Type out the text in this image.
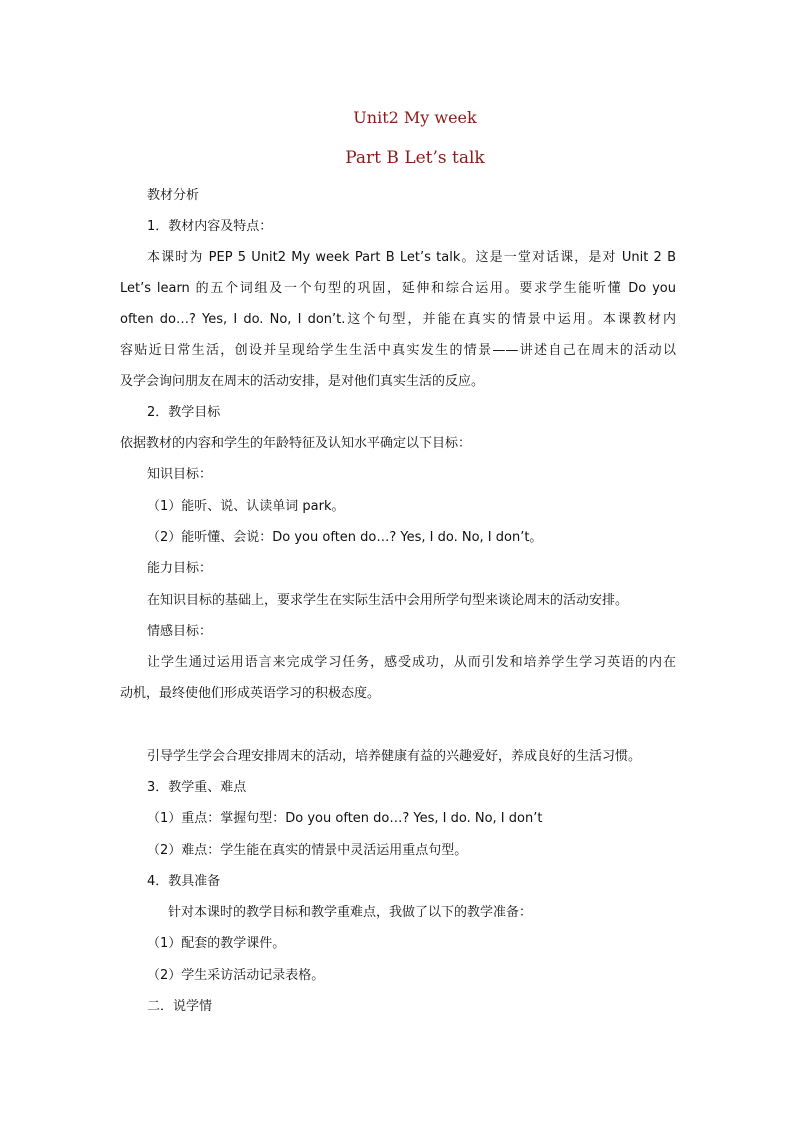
Unit2 My week
Part B Let’s talk
教材分析
1．教材内容及特点：
本课时为 PEP 5 Unit2 My week Part B Let’s talk。这是一堂对话课，是对 Unit 2 B
Let’s learn 的五个词组及一个句型的巩固，延伸和综合运用。要求学生能听懂 Do you
often do…? Yes, I do. No, I don’t.这个句型，并能在真实的情景中运用。本课教材内
容贴近日常生活，创设并呈现给学生生活中真实发生的情景——讲述自己在周末的活动以
及学会询问朋友在周末的活动安排，是对他们真实生活的反应。
2．教学目标
依据教材的内容和学生的年龄特征及认知水平确定以下目标：
知识目标：
（1）能听、说、认读单词 park。
（2）能听懂、会说：Do you often do…? Yes, I do. No, I don’t。
能力目标：
在知识目标的基础上，要求学生在实际生活中会用所学句型来谈论周末的活动安排。
情感目标：
让学生通过运用语言来完成学习任务，感受成功，从而引发和培养学生学习英语的内在
动机，最终使他们形成英语学习的积极态度。
引导学生学会合理安排周末的活动，培养健康有益的兴趣爱好，养成良好的生活习惯。
3．教学重、难点
（1）重点：掌握句型：Do you often do…? Yes, I do. No, I don’t
（2）难点：学生能在真实的情景中灵活运用重点句型。
4．教具准备
针对本课时的教学目标和教学重难点，我做了以下的教学准备：
（1）配套的教学课件。
（2）学生采访活动记录表格。
二．说学情
